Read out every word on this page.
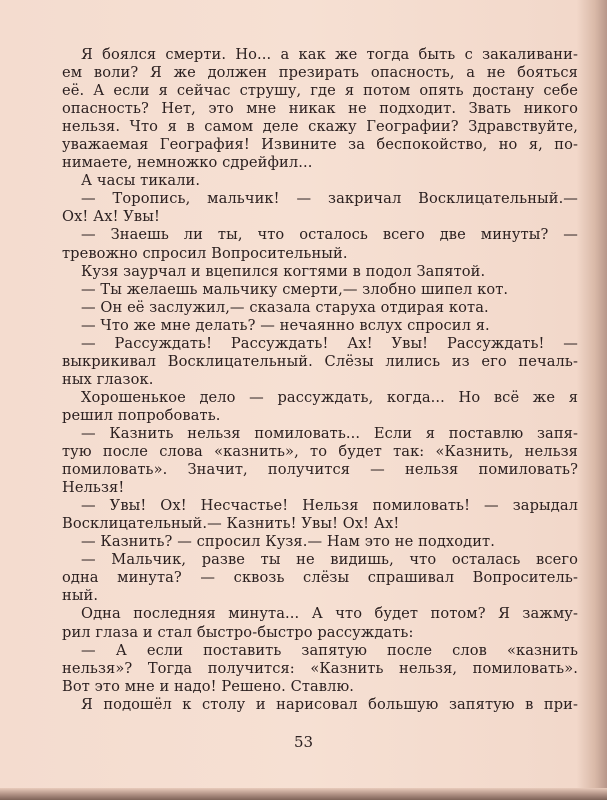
Я боялся смерти. Но... а как же тогда быть с закаливани-
ем воли? Я же должен презирать опасность, а не бояться
её. А если я сейчас струшу, где я потом опять достану себе
опасность? Нет, это мне никак не подходит. Звать никого
нельзя. Что я в самом деле скажу Географии? Здравствуйте,
уважаемая География! Извините за беспокойство, но я, по-
нимаете, немножко сдрейфил...
А часы тикали.
— Торопись, мальчик! — закричал Восклицательный.—
Ох! Ах! Увы!
— Знаешь ли ты, что осталось всего две минуты? —
тревожно спросил Вопросительный.
Кузя заурчал и вцепился когтями в подол Запятой.
— Ты желаешь мальчику смерти,— злобно шипел кот.
— Он её заслужил,— сказала старуха отдирая кота.
— Что же мне делать? — нечаянно вслух спросил я.
— Рассуждать! Рассуждать! Ах! Увы! Рассуждать! —
выкрикивал Восклицательный. Слёзы лились из его печаль-
ных глазок.
Хорошенькое дело — рассуждать, когда... Но всё же я
решил попробовать.
— Казнить нельзя помиловать... Если я поставлю запя-
тую после слова «казнить», то будет так: «Казнить, нельзя
помиловать». Значит, получится — нельзя помиловать?
Нельзя!
— Увы! Ох! Несчастье! Нельзя помиловать! — зарыдал
Восклицательный.— Казнить! Увы! Ох! Ах!
— Казнить? — спросил Кузя.— Нам это не подходит.
— Мальчик, разве ты не видишь, что осталась всего
одна минута? — сквозь слёзы спрашивал Вопроситель-
ный.
Одна последняя минута... А что будет потом? Я зажму-
рил глаза и стал быстро-быстро рассуждать:
— А если поставить запятую после слов «казнить
нельзя»? Тогда получится: «Казнить нельзя, помиловать».
Вот это мне и надо! Решено. Ставлю.
Я подошёл к столу и нарисовал большую запятую в при-
53
